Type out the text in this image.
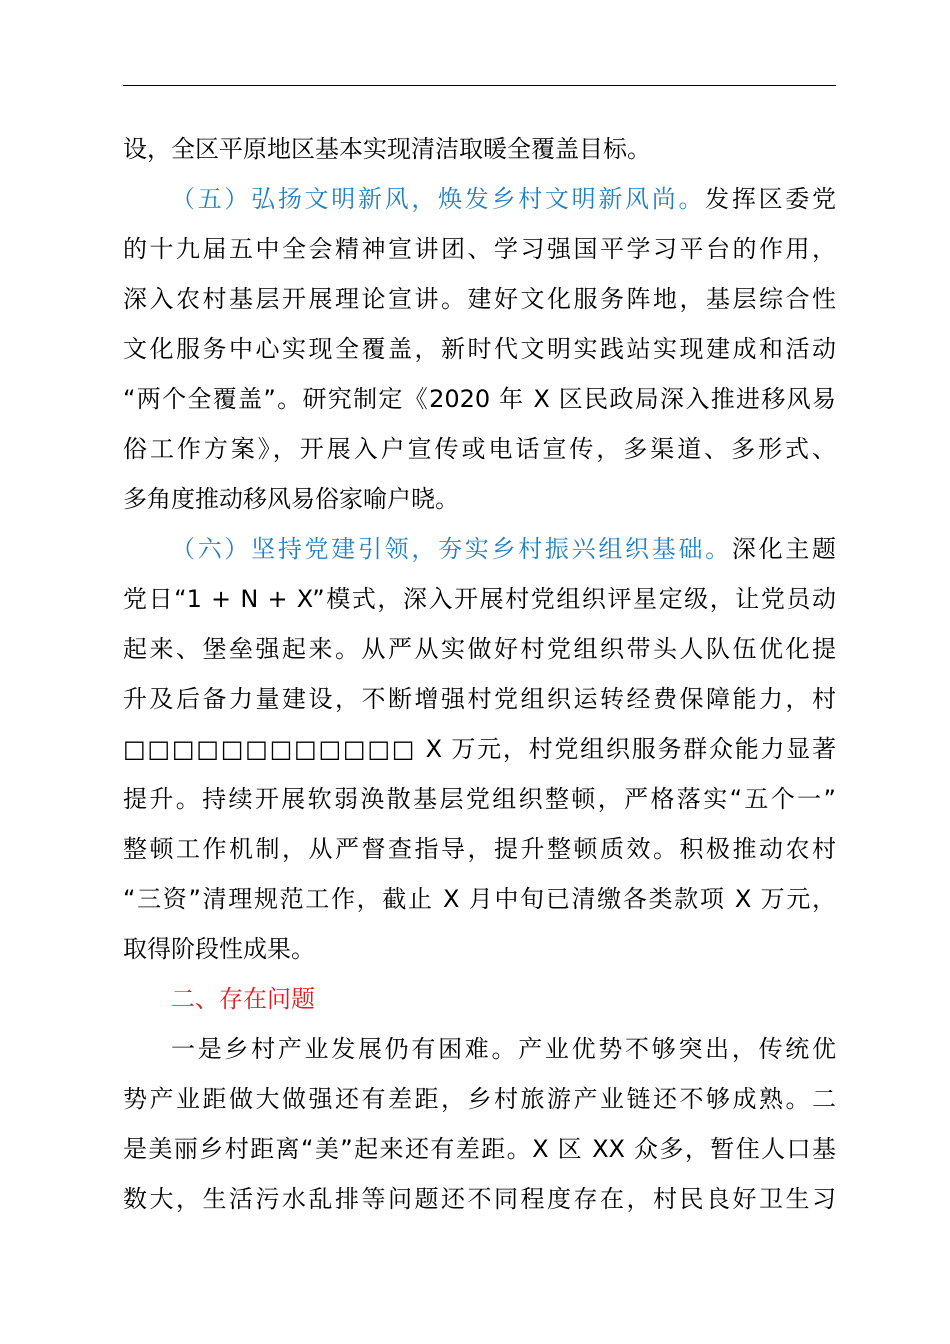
设，全区平原地区基本实现清洁取暖全覆盖目标。
（五）弘扬文明新风，焕发乡村文明新风尚。发挥区委党
的十九届五中全会精神宣讲团、学习强国平学习平台的作用，
深入农村基层开展理论宣讲。建好文化服务阵地，基层综合性
文化服务中心实现全覆盖，新时代文明实践站实现建成和活动
“两个全覆盖”。研究制定《2020 年 X 区民政局深入推进移风易
俗工作方案》，开展入户宣传或电话宣传，多渠道、多形式、
多角度推动移风易俗家喻户晓。
（六）坚持党建引领，夯实乡村振兴组织基础。深化主题
党日“1 + N + X”模式，深入开展村党组织评星定级，让党员动
起来、堡垒强起来。从严从实做好村党组织带头人队伍优化提
升及后备力量建设，不断增强村党组织运转经费保障能力，村
□□□□□□□□□□□□ X 万元，村党组织服务群众能力显著
提升。持续开展软弱涣散基层党组织整顿，严格落实“五个一”
整顿工作机制，从严督查指导，提升整顿质效。积极推动农村
“三资”清理规范工作，截止 X 月中旬已清缴各类款项 X 万元，
取得阶段性成果。
二、存在问题
一是乡村产业发展仍有困难。产业优势不够突出，传统优
势产业距做大做强还有差距，乡村旅游产业链还不够成熟。二
是美丽乡村距离“美”起来还有差距。X 区 XX 众多，暂住人口基
数大，生活污水乱排等问题还不同程度存在，村民良好卫生习
